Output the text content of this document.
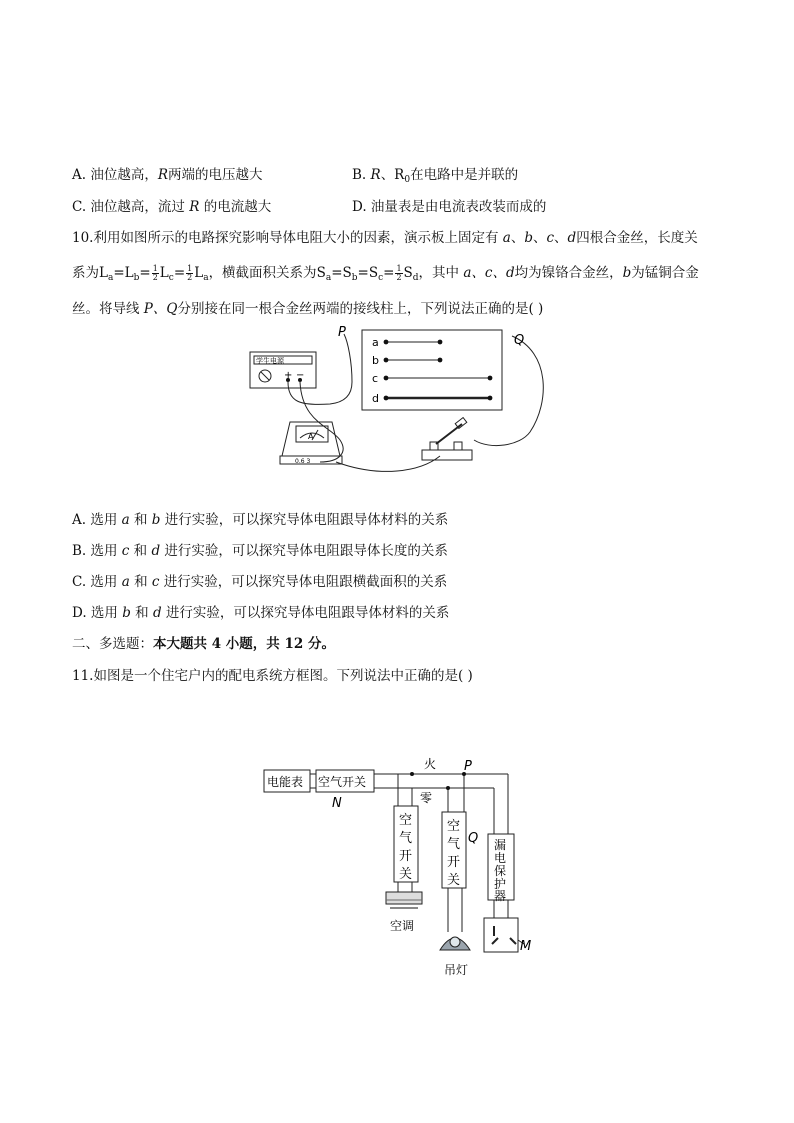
A. 油位越高，R两端的电压越大	B. R、$R_0$在电路中是并联的
C. 油位越高，流过 R 的电流越大	D. 油量表是由电流表改装而成的
10.利用如图所示的电路探究影响导体电阻大小的因素，演示板上固定有 a、b、c、d四根合金丝，长度关
系为$L_a=L_b= \frac{1}{2} L_c= \frac{1}{2} L_a$，横截面积关系为$S_a=S_b=S_c= \frac{1}{2} S_d$，其中 a、c、d均为镍铬合金丝，b为锰铜合金
丝。将导线 P、Q分别接在同一根合金丝两端的接线柱上，下列说法正确的是( )
a
b
c
d
P
Q
学生电源
+ −
A
0.6 3
A. 选用 a 和 b 进行实验，可以探究导体电阻跟导体材料的关系
B. 选用 c 和 d 进行实验，可以探究导体电阻跟导体长度的关系
C. 选用 a 和 c 进行实验，可以探究导体电阻跟横截面积的关系
D. 选用 b 和 d 进行实验，可以探究导体电阻跟导体材料的关系
二、多选题：本大题共 4 小题，共 12 分。
11.如图是一个住宅户内的配电系统方框图。下列说法中正确的是( )
电能表 空气开关
火
零
P
N
Q
M
空
气
开
关
空
气
开
关
漏
电
保
护
器
空调
吊灯
